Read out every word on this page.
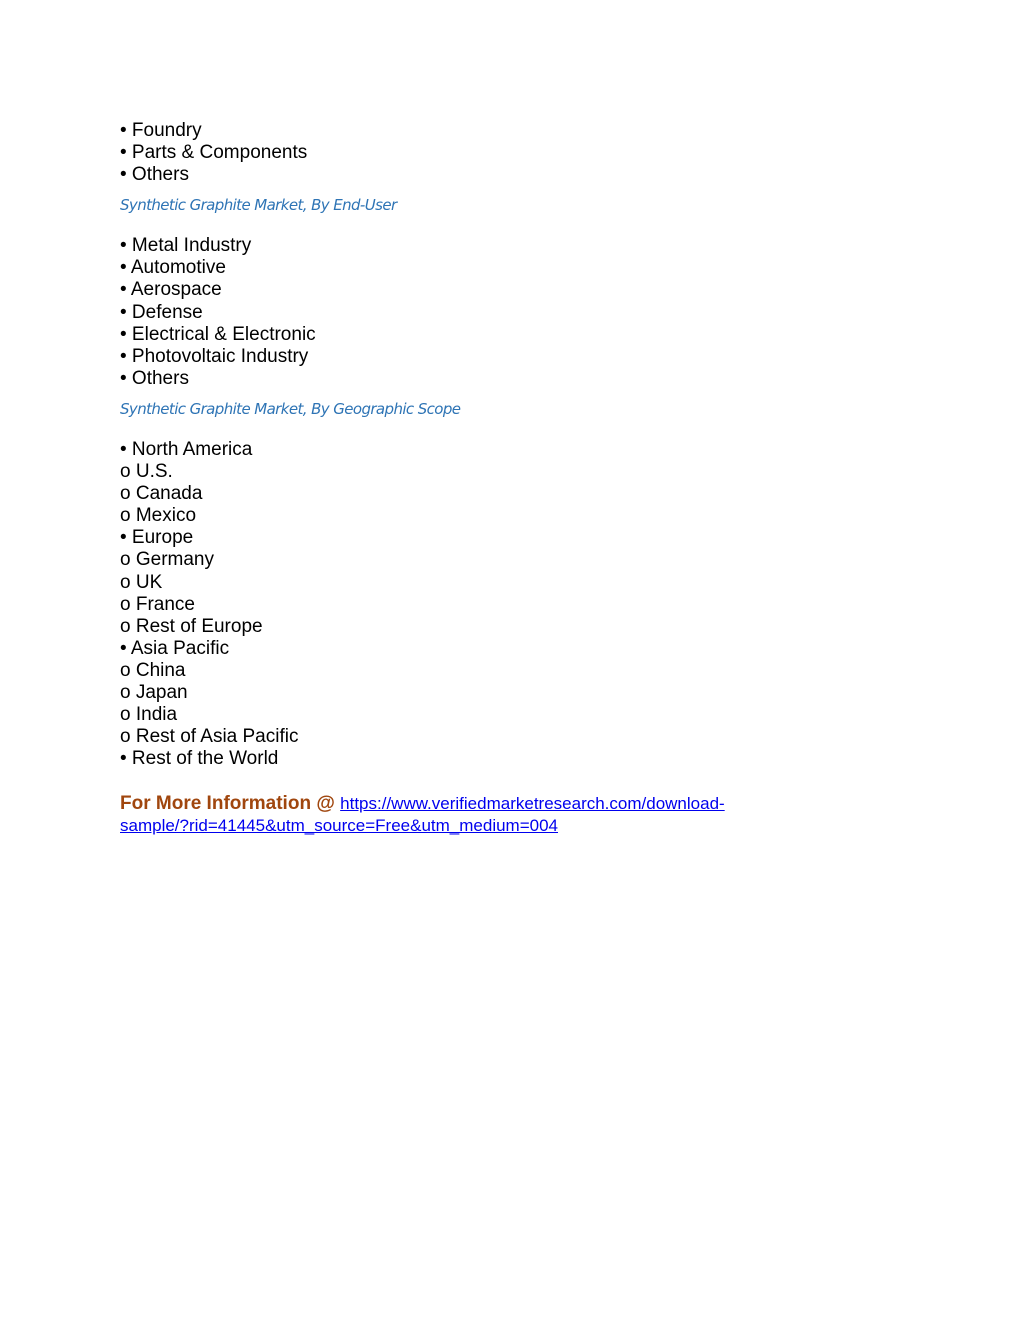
• Foundry

• Parts & Components

• Others

Synthetic Graphite Market, By End-User

• Metal Industry

• Automotive

• Aerospace

• Defense

• Electrical & Electronic

• Photovoltaic Industry

• Others

Synthetic Graphite Market, By Geographic Scope

• North America

o U.S.

o Canada

o Mexico

• Europe

o Germany

o UK

o France

o Rest of Europe

• Asia Pacific

o China

o Japan

o India

o Rest of Asia Pacific

• Rest of the World

For More Information @ https://www.verifiedmarketresearch.com/download-
sample/?rid=41445&utm_source=Free&utm_medium=004
